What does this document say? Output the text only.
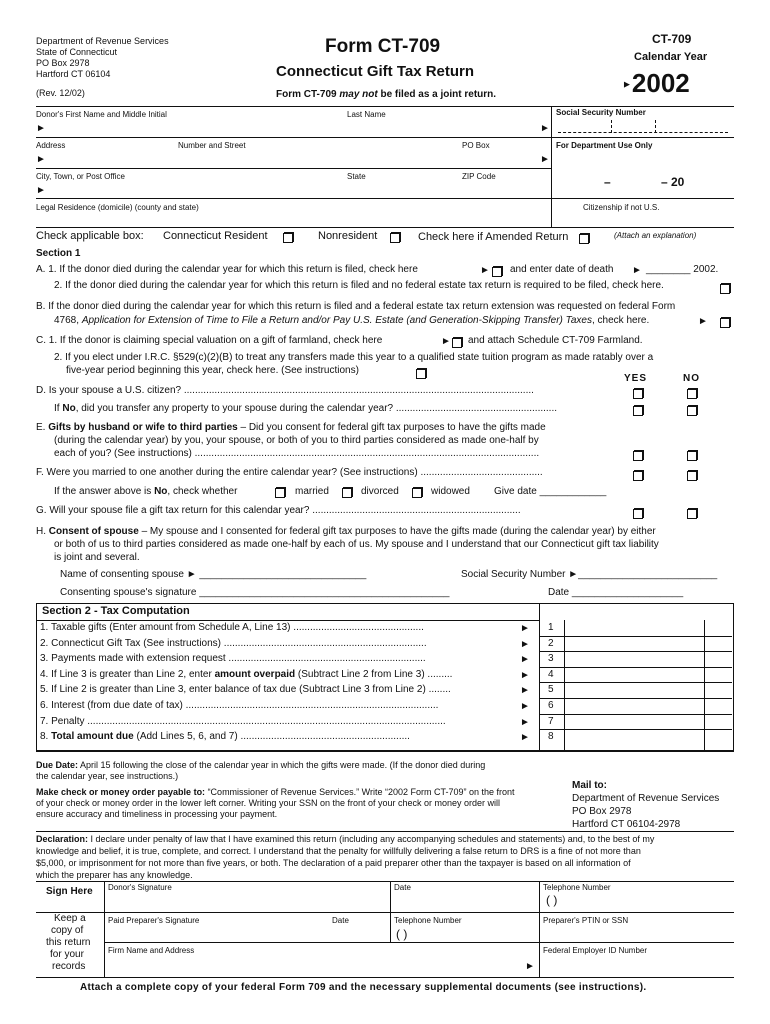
Department of Revenue Services
State of Connecticut
PO Box 2978
Hartford CT 06104
(Rev. 12/02)
Form CT-709
Connecticut Gift Tax Return
Form CT-709 may not be filed as a joint return.
CT-709
Calendar Year
►2002
Donor's First Name and Middle Initial	Last Name	Social Security Number
►	►
Address	Number and Street	PO Box	For Department Use Only
►	►
City, Town, or Post Office	State	ZIP Code
►
–	– 20
Legal Residence (domicile) (county and state)	Citizenship if not U.S.
Check applicable box: Connecticut Resident	Nonresident	Check here if Amended Return	(Attach an explanation)
Section 1
A. 1. If the donor died during the calendar year for which this return is filed, check here	► and enter date of death ► ________ 2002.
2. If the donor died during the calendar year for which this return is filed and no federal estate tax return is required to be filed, check here.
B. If the donor died during the calendar year for which this return is filed and a federal estate tax return extension was requested on federal Form
4768, Application for Extension of Time to File a Return and/or Pay U.S. Estate (and Generation-Skipping Transfer) Taxes, check here.	►
C. 1. If the donor is claiming special valuation on a gift of farmland, check here	► and attach Schedule CT-709 Farmland.
2. If you elect under I.R.C. §529(c)(2)(B) to treat any transfers made this year to a qualified state tuition program as made ratably over a
five-year period beginning this year, check here. (See instructions)
YES	NO
D. Is your spouse a U.S. citizen? ..............................................................................................................................
If No, did you transfer any property to your spouse during the calendar year? ..........................................................
E. Gifts by husband or wife to third parties – Did you consent for federal gift tax purposes to have the gifts made
(during the calendar year) by you, your spouse, or both of you to third parties considered as made one-half by
each of you? (See instructions) ............................................................................................................................
F. Were you married to one another during the entire calendar year? (See instructions) ............................................
If the answer above is No, check whether	married	divorced	widowed Give date ____________
G. Will your spouse file a gift tax return for this calendar year? ...........................................................................
H. Consent of spouse – My spouse and I consented for federal gift tax purposes to have the gifts made (during the calendar year) by either
or both of us to third parties considered as made one-half by each of us. My spouse and I understand that our Connecticut gift tax liability
is joint and several.
Name of consenting spouse ► ______________________________	Social Security Number ►_________________________
Consenting spouse's signature _____________________________________________	Date ____________________
Section 2 - Tax Computation
1. Taxable gifts (Enter amount from Schedule A, Line 13) ...............................................	► 1
2. Connecticut Gift Tax (See instructions) .........................................................................	► 2
3. Payments made with extension request .......................................................................	► 3
4. If Line 3 is greater than Line 2, enter amount overpaid (Subtract Line 2 from Line 3) .........	► 4
5. If Line 2 is greater than Line 3, enter balance of tax due (Subtract Line 3 from Line 2) ........	► 5
6. Interest (from due date of tax) ...........................................................................................	► 6
7. Penalty .................................................................................................................................	► 7
8. Total amount due (Add Lines 5, 6, and 7) .............................................................	► 8
Due Date: April 15 following the close of the calendar year in which the gifts were made. (If the donor died during
the calendar year, see instructions.)
Make check or money order payable to: “Commissioner of Revenue Services.” Write “2002 Form CT-709” on the front
of your check or money order in the lower left corner. Writing your SSN on the front of your check or money order will
ensure accuracy and timeliness in processing your payment.
Mail to:
Department of Revenue Services
PO Box 2978
Hartford CT 06104-2978
Declaration: I declare under penalty of law that I have examined this return (including any accompanying schedules and statements) and, to the best of my
knowledge and belief, it is true, complete, and correct. I understand that the penalty for willfully delivering a false return to DRS is a fine of not more than
$5,000, or imprisonment for not more than five years, or both. The declaration of a paid preparer other than the taxpayer is based on all information of
which the preparer has any knowledge.
Sign Here Donor's Signature	Date	Telephone Number
( )
Keep a
copy of
this return
for your
records
Paid Preparer's Signature	Date	Telephone Number
( )
Preparer's PTIN or SSN
Firm Name and Address
►
Federal Employer ID Number
Attach a complete copy of your federal Form 709 and the necessary supplemental documents (see instructions).
